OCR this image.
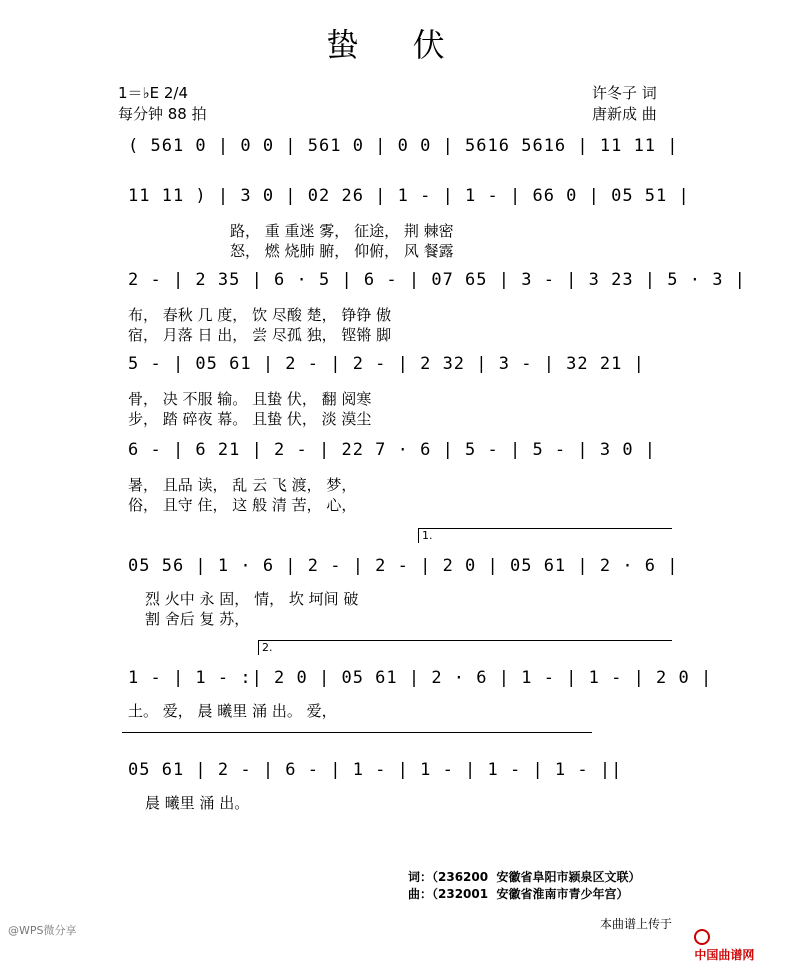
蛰 伏
1＝♭E 2/4
每分钟 88 拍
许冬子 词
唐新成 曲
( 561 0 | 0 0 | 561 0 | 0 0 | 5616 5616 | 11 11 |
11 11 ) | 3 0 | 02 26 | 1 - | 1 - | 66 0 | 05 51 |
路， 重 重迷 雾， 征途， 荆 棘密
怒， 燃 烧肺 腑， 仰俯， 风 餐露
2 - | 2 35 | 6 · 5 | 6 - | 07 65 | 3 - | 3 23 | 5 · 3 |
布， 春秋 几 度， 饮 尽酸 楚， 铮铮 傲
宿， 月落 日 出， 尝 尽孤 独， 铿锵 脚
5 - | 05 61 | 2 - | 2 - | 2 32 | 3 - | 32 21 |
骨， 决 不服 输。 且蛰 伏， 翻 阅寒
步， 踏 碎夜 幕。 且蛰 伏， 淡 漠尘
6 - | 6 21 | 2 - | 22 7 · 6 | 5 - | 5 - | 3 0 |
暑， 且品 读， 乱 云 飞 渡， 梦，
俗， 且守 住， 这 般 清 苦， 心，
1.
05 56 | 1 · 6 | 2 - | 2 - | 2 0 | 05 61 | 2 · 6 |
烈 火中 永 固， 情， 坎 坷间 破
割 舍后 复 苏，
2.
1 - | 1 - :| 2 0 | 05 61 | 2 · 6 | 1 - | 1 - | 2 0 |
土。 爱， 晨 曦里 涌 出。 爱，
05 61 | 2 - | 6 - | 1 - | 1 - | 1 - | 1 - ||
晨 曦里 涌 出。
词：（236200  安徽省阜阳市颍泉区文联）
曲：（232001  安徽省淮南市青少年宫）
@WPS微分享	本曲谱上传于

中国曲谱网
